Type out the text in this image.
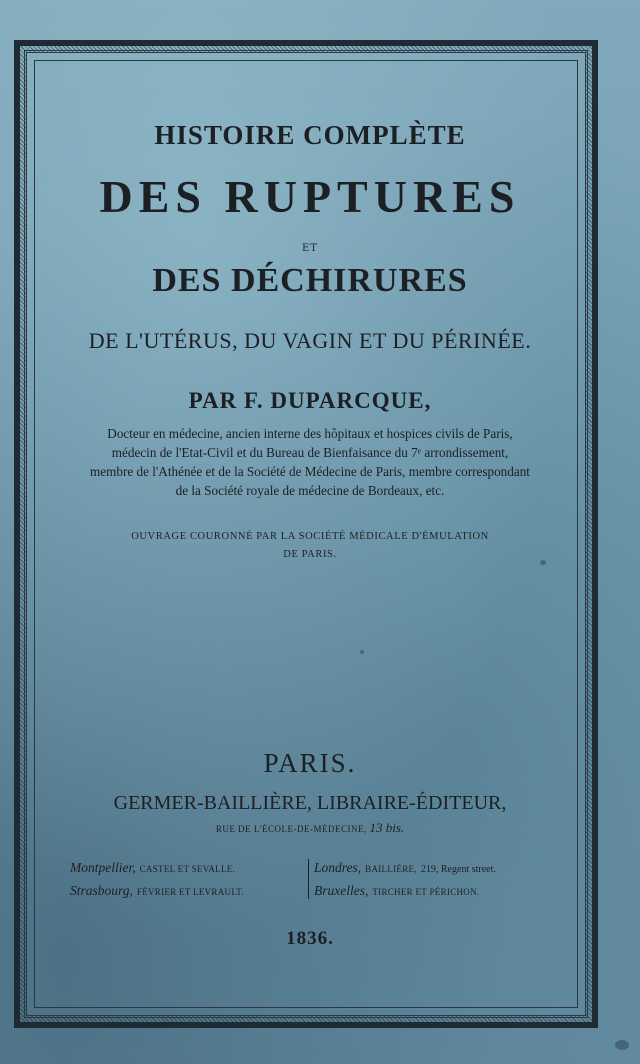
HISTOIRE COMPLÈTE
DES RUPTURES
ET
DES DÉCHIRURES
DE L'UTÉRUS, DU VAGIN ET DU PÉRINÉE.
PAR F. DUPARCQUE,
Docteur en médecine, ancien interne des hôpitaux et hospices civils de Paris,
médecin de l'Etat-Civil et du Bureau de Bienfaisance du 7ᵉ arrondissement,
membre de l'Athénée et de la Société de Médecine de Paris, membre correspondant
de la Société royale de médecine de Bordeaux, etc.
OUVRAGE COURONNÉ PAR LA SOCIÉTÉ MÉDICALE D'ÉMULATION
DE PARIS.
PARIS.
GERMER-BAILLIÈRE, LIBRAIRE-ÉDITEUR,
RUE DE L'ÉCOLE-DE-MÉDECINE, 13 bis.
Montpellier, CASTEL ET SEVALLE.
Strasbourg, FÉVRIER ET LEVRAULT.
Londres, BAILLIÈRE, 219, Regent street.
Bruxelles, TIRCHER ET PÉRICHON.
1836.
